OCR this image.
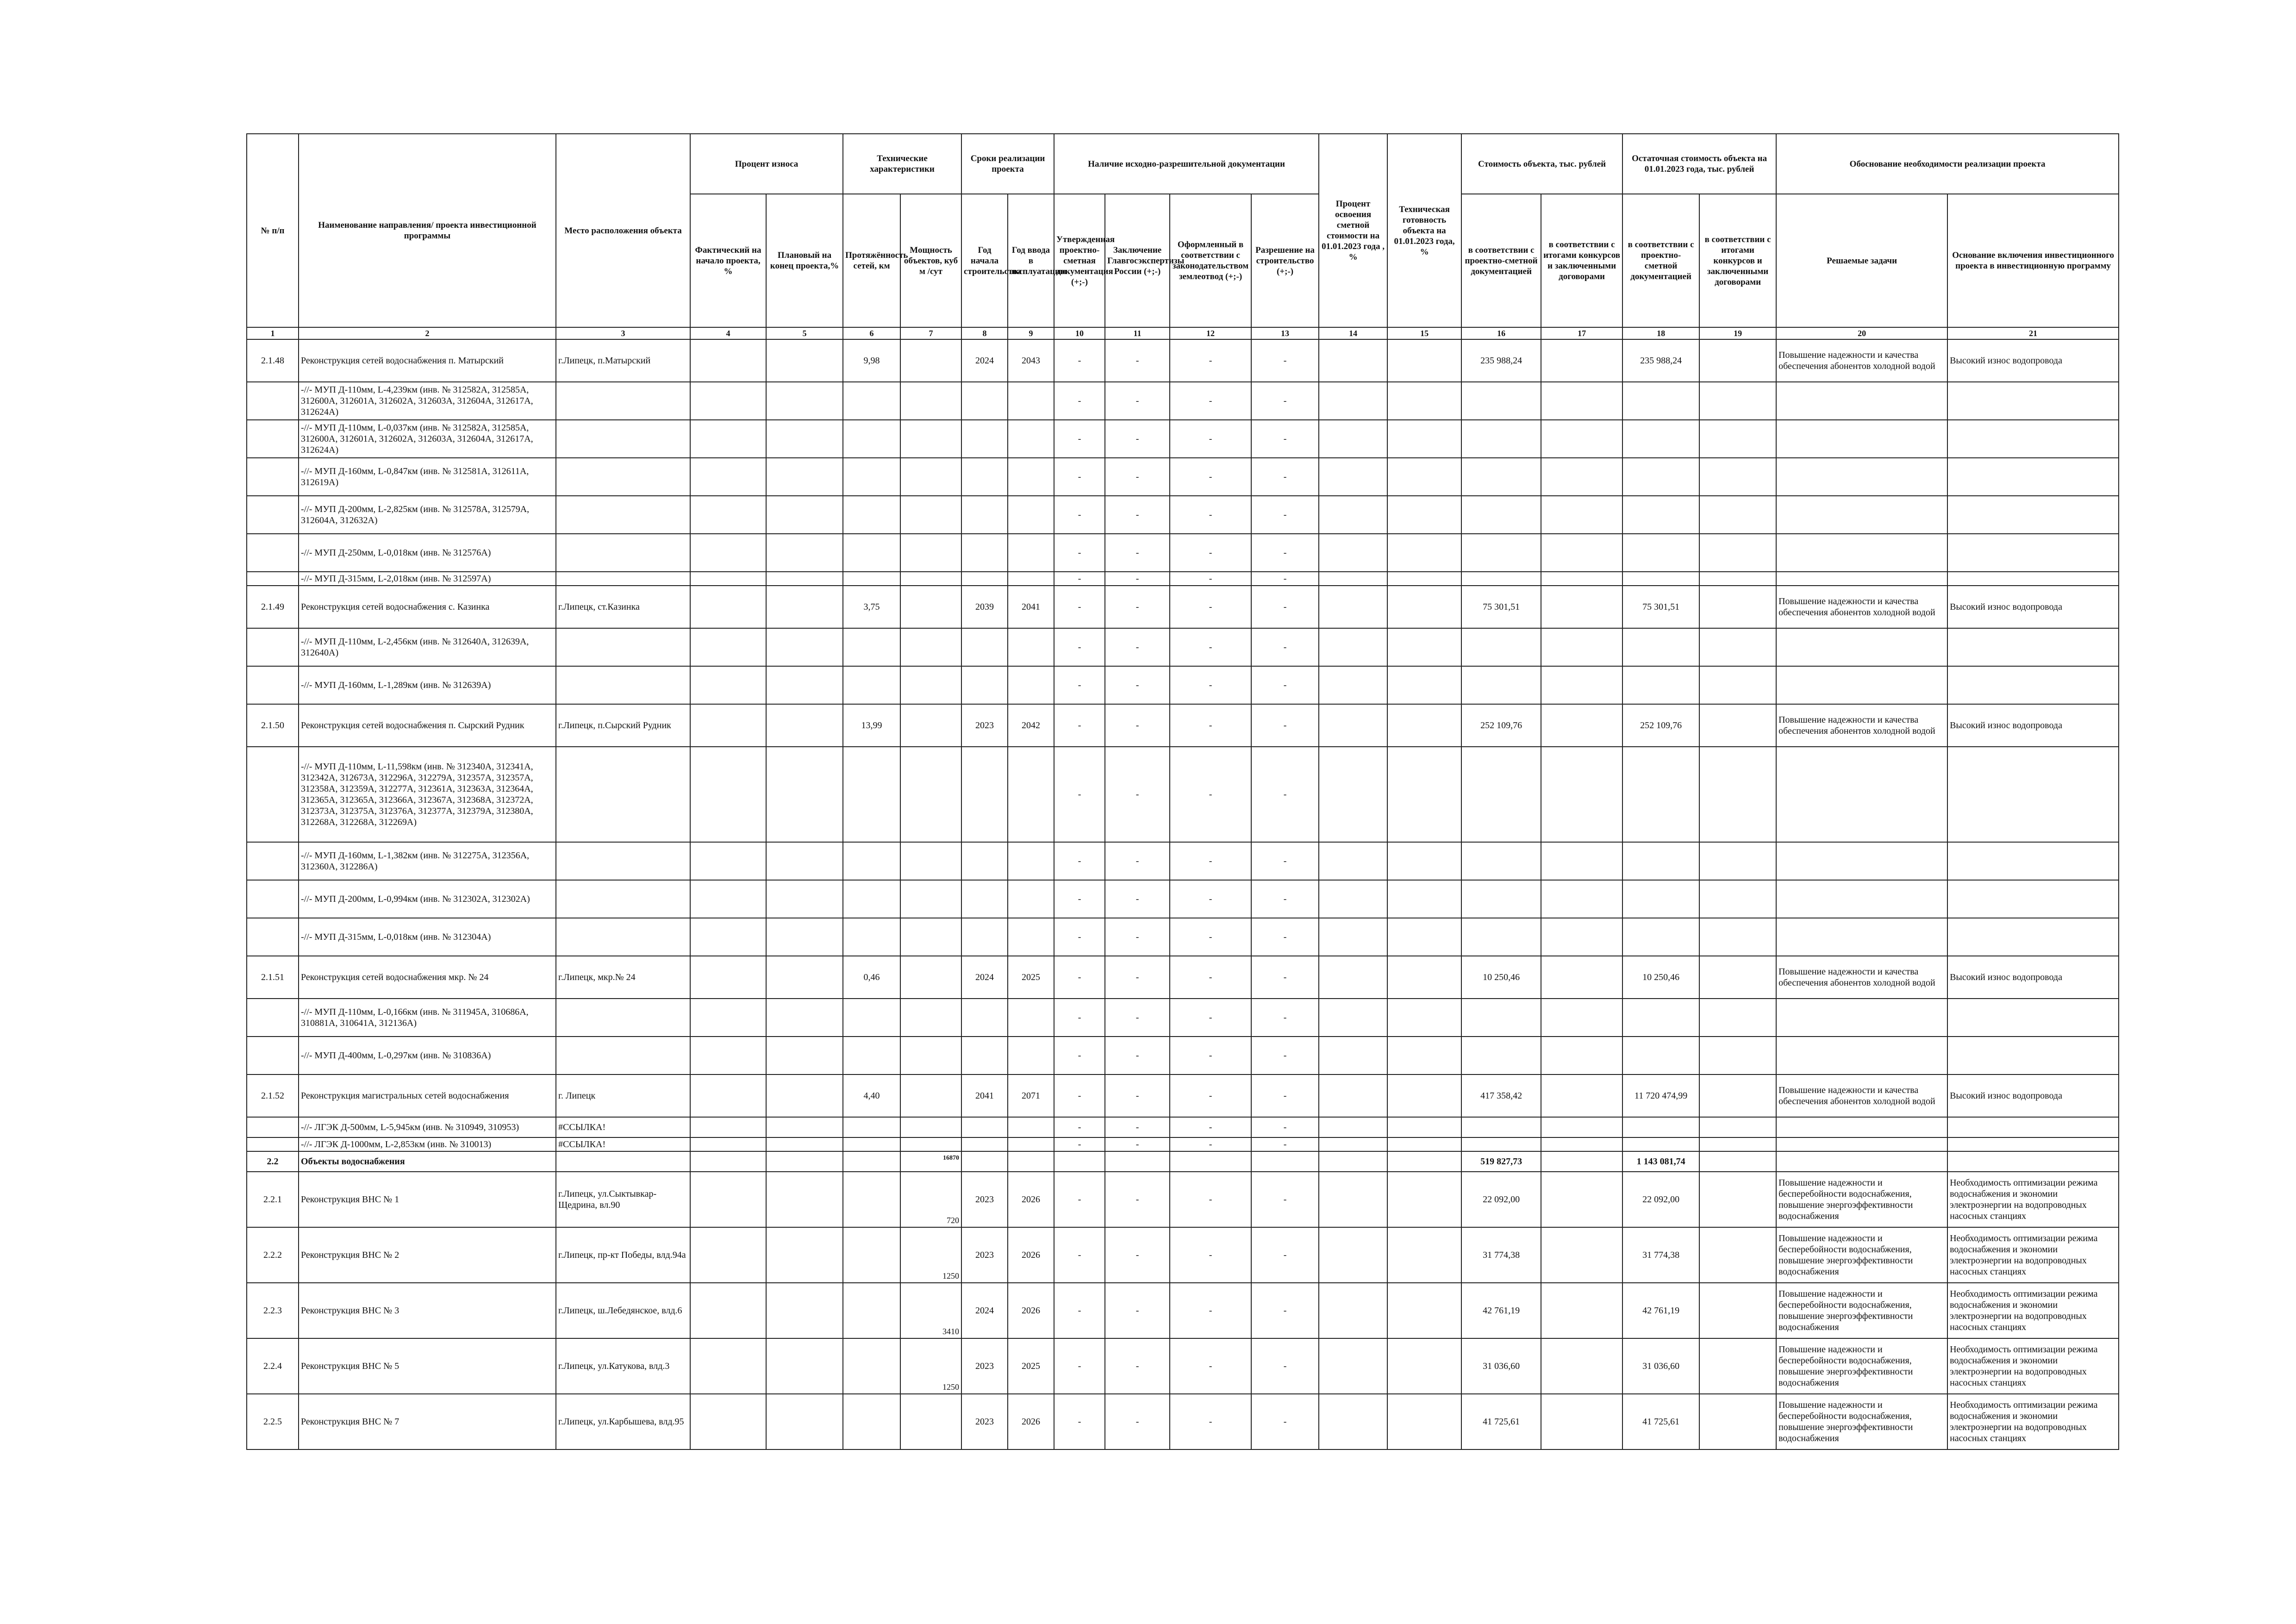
№ п/п	Наименование направления/ проекта инвестиционной программы	Место расположения объекта	Процент износа		Технические характеристики		Сроки реализации проекта		Наличие исходно-разрешительной документации				Процент освоения сметной стоимости на 01.01.2023 года , %	Техническая готовность объекта на 01.01.2023 года, %	Стоимость объекта, тыс. рублей		Остаточная стоимость объекта на 01.01.2023 года, тыс. рублей		Обоснование необходимости реализации проекта	
			Фактический на начало проекта, %	Плановый на конец проекта,%	Протяжённость сетей, км	Мощность объектов, куб м /сут	Год начала строительства	Год ввода в эксплуатацию	Утвержденная проектно-сметная документация (+;-)	Заключение Главгосэкспертизы России (+;-)	Оформленный в соответствии с законодательством землеотвод (+;-)	Разрешение на строительство (+;-)			в соответствии с проектно-сметной документацией	в соответствии с итогами конкурсов и заключенными договорами	в соответствии с проектно-сметной документацией	в соответствии с итогами конкурсов и заключенными договорами	Решаемые задачи	Основание включения инвестиционного проекта в инвестиционную программу
1	2	3	4	5	6	7	8	9	10	11	12	13	14	15	16	17	18	19	20	21
2.1.48	Реконструкция сетей водоснабжения п. Матырский	г.Липецк, п.Матырский			9,98		2024	2043	-	-	-	-			235 988,24		235 988,24		Повышение надежности и качества обеспечения абонентов холодной водой	Высокий износ водопровода
	-//- МУП Д-110мм, L-4,239км (инв. № 312582А, 312585А, 312600А, 312601А, 312602А, 312603А, 312604А, 312617А, 312624А)								-	-	-	-								
	-//- МУП Д-110мм, L-0,037км (инв. № 312582А, 312585А, 312600А, 312601А, 312602А, 312603А, 312604А, 312617А, 312624А)								-	-	-	-								
	-//- МУП Д-160мм, L-0,847км (инв. № 312581А, 312611А, 312619А)								-	-	-	-								
	-//- МУП Д-200мм, L-2,825км (инв. № 312578А, 312579А, 312604А, 312632А)								-	-	-	-								
	-//- МУП Д-250мм, L-0,018км (инв. № 312576А)								-	-	-	-								
	-//- МУП Д-315мм, L-2,018км (инв. № 312597А)								-	-	-	-								
2.1.49	Реконструкция сетей водоснабжения с. Казинка	г.Липецк, ст.Казинка			3,75		2039	2041	-	-	-	-			75 301,51		75 301,51		Повышение надежности и качества обеспечения абонентов холодной водой	Высокий износ водопровода
	-//- МУП Д-110мм, L-2,456км (инв. № 312640А, 312639А, 312640А)								-	-	-	-								
	-//- МУП Д-160мм, L-1,289км (инв. № 312639А)								-	-	-	-								
2.1.50	Реконструкция сетей водоснабжения п. Сырский Рудник	г.Липецк, п.Сырский Рудник			13,99		2023	2042	-	-	-	-			252 109,76		252 109,76		Повышение надежности и качества обеспечения абонентов холодной водой	Высокий износ водопровода
	-//- МУП Д-110мм, L-11,598км (инв. № 312340А, 312341А, 312342А, 312673А, 312296А, 312279А, 312357А, 312357А, 312358А, 312359А, 312277А, 312361А, 312363А, 312364А, 312365А, 312365А, 312366А, 312367А, 312368А, 312372А, 312373А, 312375А, 312376А, 312377А, 312379А, 312380А, 312268А, 312268А, 312269А)								-	-	-	-								
	-//- МУП Д-160мм, L-1,382км (инв. № 312275А, 312356А, 312360А, 312286А)								-	-	-	-								
	-//- МУП Д-200мм, L-0,994км (инв. № 312302А, 312302А)								-	-	-	-								
	-//- МУП Д-315мм, L-0,018км (инв. № 312304А)								-	-	-	-								
2.1.51	Реконструкция сетей водоснабжения мкр. № 24	г.Липецк, мкр.№ 24			0,46		2024	2025	-	-	-	-			10 250,46		10 250,46		Повышение надежности и качества обеспечения абонентов холодной водой	Высокий износ водопровода
	-//- МУП Д-110мм, L-0,166км (инв. № 311945А, 310686А, 310881А, 310641А, 312136А)								-	-	-	-								
	-//- МУП Д-400мм, L-0,297км (инв. № 310836А)								-	-	-	-								
2.1.52	Реконструкция магистральных сетей водоснабжения	г. Липецк			4,40		2041	2071	-	-	-	-			417 358,42		11 720 474,99		Повышение надежности и качества обеспечения абонентов холодной водой	Высокий износ водопровода
	-//- ЛГЭК Д-500мм, L-5,945км (инв. № 310949, 310953)	#ССЫЛКА!							-	-	-	-								
	-//- ЛГЭК Д-1000мм, L-2,853км (инв. № 310013)	#ССЫЛКА!							-	-	-	-								
2.2	Объекты водоснабжения					16870									519 827,73		1 143 081,74			
2.2.1	Реконструкция ВНС № 1	г.Липецк, ул.Сыктывкар-Щедрина, вл.90				720	2023	2026	-	-	-	-			22 092,00		22 092,00		Повышение надежности и бесперебойности водоснабжения, повышение энергоэффективности водоснабжения	Необходимость оптимизации режима водоснабжения и экономии электроэнергии на водопроводных насосных станциях
2.2.2	Реконструкция ВНС № 2	г.Липецк, пр-кт Победы, влд.94а				1250	2023	2026	-	-	-	-			31 774,38		31 774,38		Повышение надежности и бесперебойности водоснабжения, повышение энергоэффективности водоснабжения	Необходимость оптимизации режима водоснабжения и экономии электроэнергии на водопроводных насосных станциях
2.2.3	Реконструкция ВНС № 3	г.Липецк, ш.Лебедянское, влд.6				3410	2024	2026	-	-	-	-			42 761,19		42 761,19		Повышение надежности и бесперебойности водоснабжения, повышение энергоэффективности водоснабжения	Необходимость оптимизации режима водоснабжения и экономии электроэнергии на водопроводных насосных станциях
2.2.4	Реконструкция ВНС № 5	г.Липецк, ул.Катукова, влд.3				1250	2023	2025	-	-	-	-			31 036,60		31 036,60		Повышение надежности и бесперебойности водоснабжения, повышение энергоэффективности водоснабжения	Необходимость оптимизации режима водоснабжения и экономии электроэнергии на водопроводных насосных станциях
2.2.5	Реконструкция ВНС № 7	г.Липецк, ул.Карбышева, влд.95					2023	2026	-	-	-	-			41 725,61		41 725,61		Повышение надежности и бесперебойности водоснабжения, повышение энергоэффективности водоснабжения	Необходимость оптимизации режима водоснабжения и экономии электроэнергии на водопроводных насосных станциях
